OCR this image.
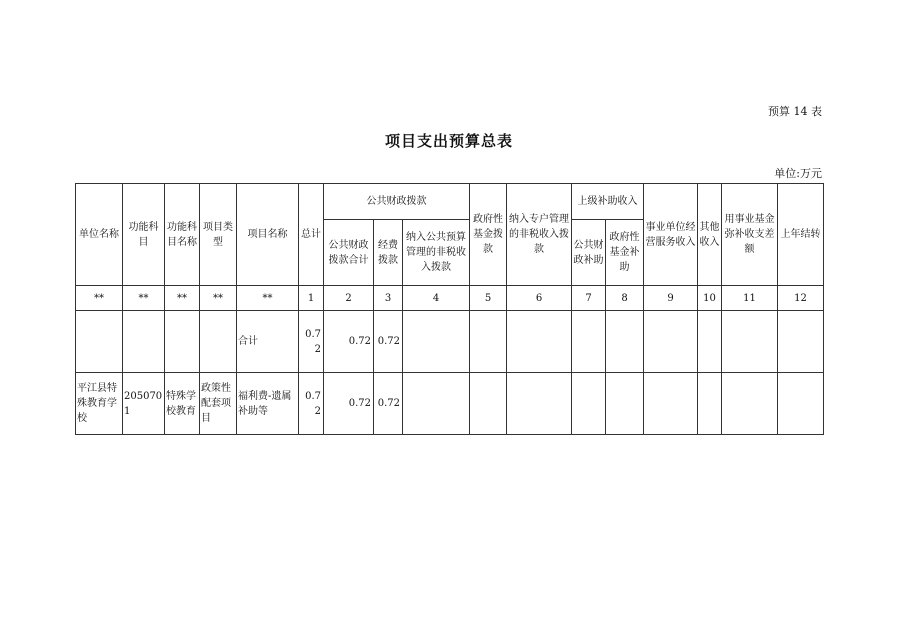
预算 14 表
项目支出预算总表
单位:万元
单位名称	功能科目	功能科目名称	项目类型	项目名称	总计	公共财政拨款			政府性基金拨款	纳入专户管理的非税收入拨款	上级补助收入		事业单位经营服务收入	其他收入	用事业基金弥补收支差额	上年结转
						公共财政拨款合计	经费拨款	纳入公共预算管理的非税收入拨款			公共财政补助	政府性基金补助				
**	**	**	**	**	1	2	3	4	5	6	7	8	9	10	11	12
				合计	0.72	0.72	0.72									
平江县特殊教育学校	2050701	特殊学校教育	政策性配套项目	福利费-遗属补助等	0.72	0.72	0.72									
